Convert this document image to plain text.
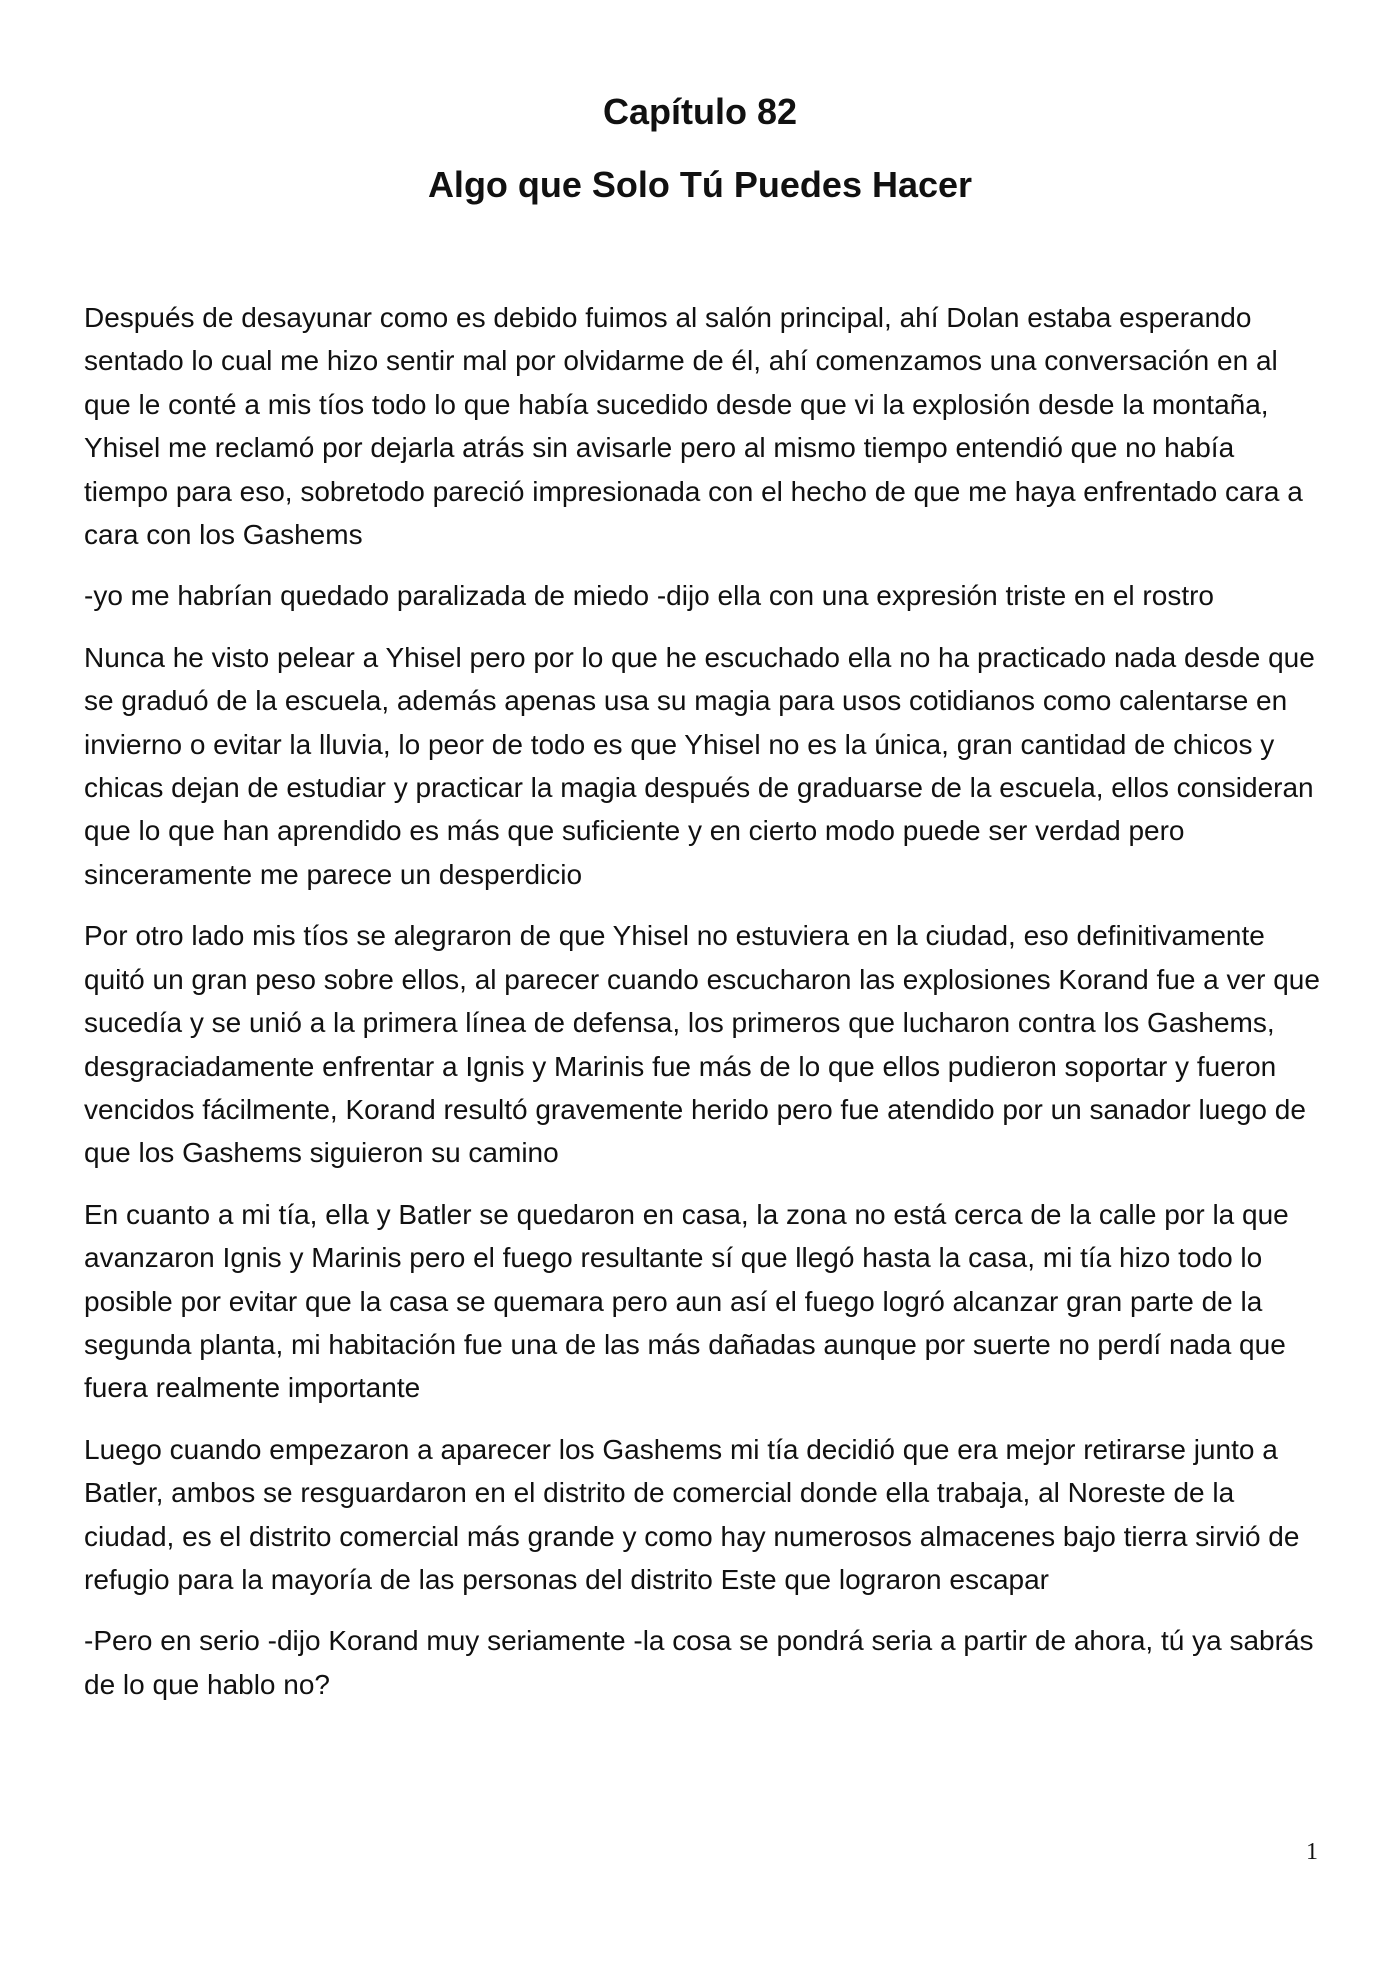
Capítulo 82
Algo que Solo Tú Puedes Hacer

Después de desayunar como es debido fuimos al salón principal, ahí Dolan estaba esperando sentado lo cual me hizo sentir mal por olvidarme de él, ahí comenzamos una conversación en al que le conté a mis tíos todo lo que había sucedido desde que vi la explosión desde la montaña, Yhisel me reclamó por dejarla atrás sin avisarle pero al mismo tiempo entendió que no había tiempo para eso, sobretodo pareció impresionada con el hecho de que me haya enfrentado cara a cara con los Gashems

-yo me habrían quedado paralizada de miedo -dijo ella con una expresión triste en el rostro

Nunca he visto pelear a Yhisel pero por lo que he escuchado ella no ha practicado nada desde que se graduó de la escuela, además apenas usa su magia para usos cotidianos como calentarse en invierno o evitar la lluvia, lo peor de todo es que Yhisel no es la única, gran cantidad de chicos y chicas dejan de estudiar y practicar la magia después de graduarse de la escuela, ellos consideran que lo que han aprendido es más que suficiente y en cierto modo puede ser verdad pero sinceramente me parece un desperdicio

Por otro lado mis tíos se alegraron de que Yhisel no estuviera en la ciudad, eso definitivamente quitó un gran peso sobre ellos, al parecer cuando escucharon las explosiones Korand fue a ver que sucedía y se unió a la primera línea de defensa, los primeros que lucharon contra los Gashems, desgraciadamente enfrentar a Ignis y Marinis fue más de lo que ellos pudieron soportar y fueron vencidos fácilmente, Korand resultó gravemente herido pero fue atendido por un sanador luego de que los Gashems siguieron su camino

En cuanto a mi tía, ella y Batler se quedaron en casa, la zona no está cerca de la calle por la que avanzaron Ignis y Marinis pero el fuego resultante sí que llegó hasta la casa, mi tía hizo todo lo posible por evitar que la casa se quemara pero aun así el fuego logró alcanzar gran parte de la segunda planta, mi habitación fue una de las más dañadas aunque por suerte no perdí nada que fuera realmente importante

Luego cuando empezaron a aparecer los Gashems mi tía decidió que era mejor retirarse junto a Batler, ambos se resguardaron en el distrito de comercial donde ella trabaja, al Noreste de la ciudad, es el distrito comercial más grande y como hay numerosos almacenes bajo tierra sirvió de refugio para la mayoría de las personas del distrito Este que lograron escapar

-Pero en serio -dijo Korand muy seriamente -la cosa se pondrá seria a partir de ahora, tú ya sabrás de lo que hablo no?

1
